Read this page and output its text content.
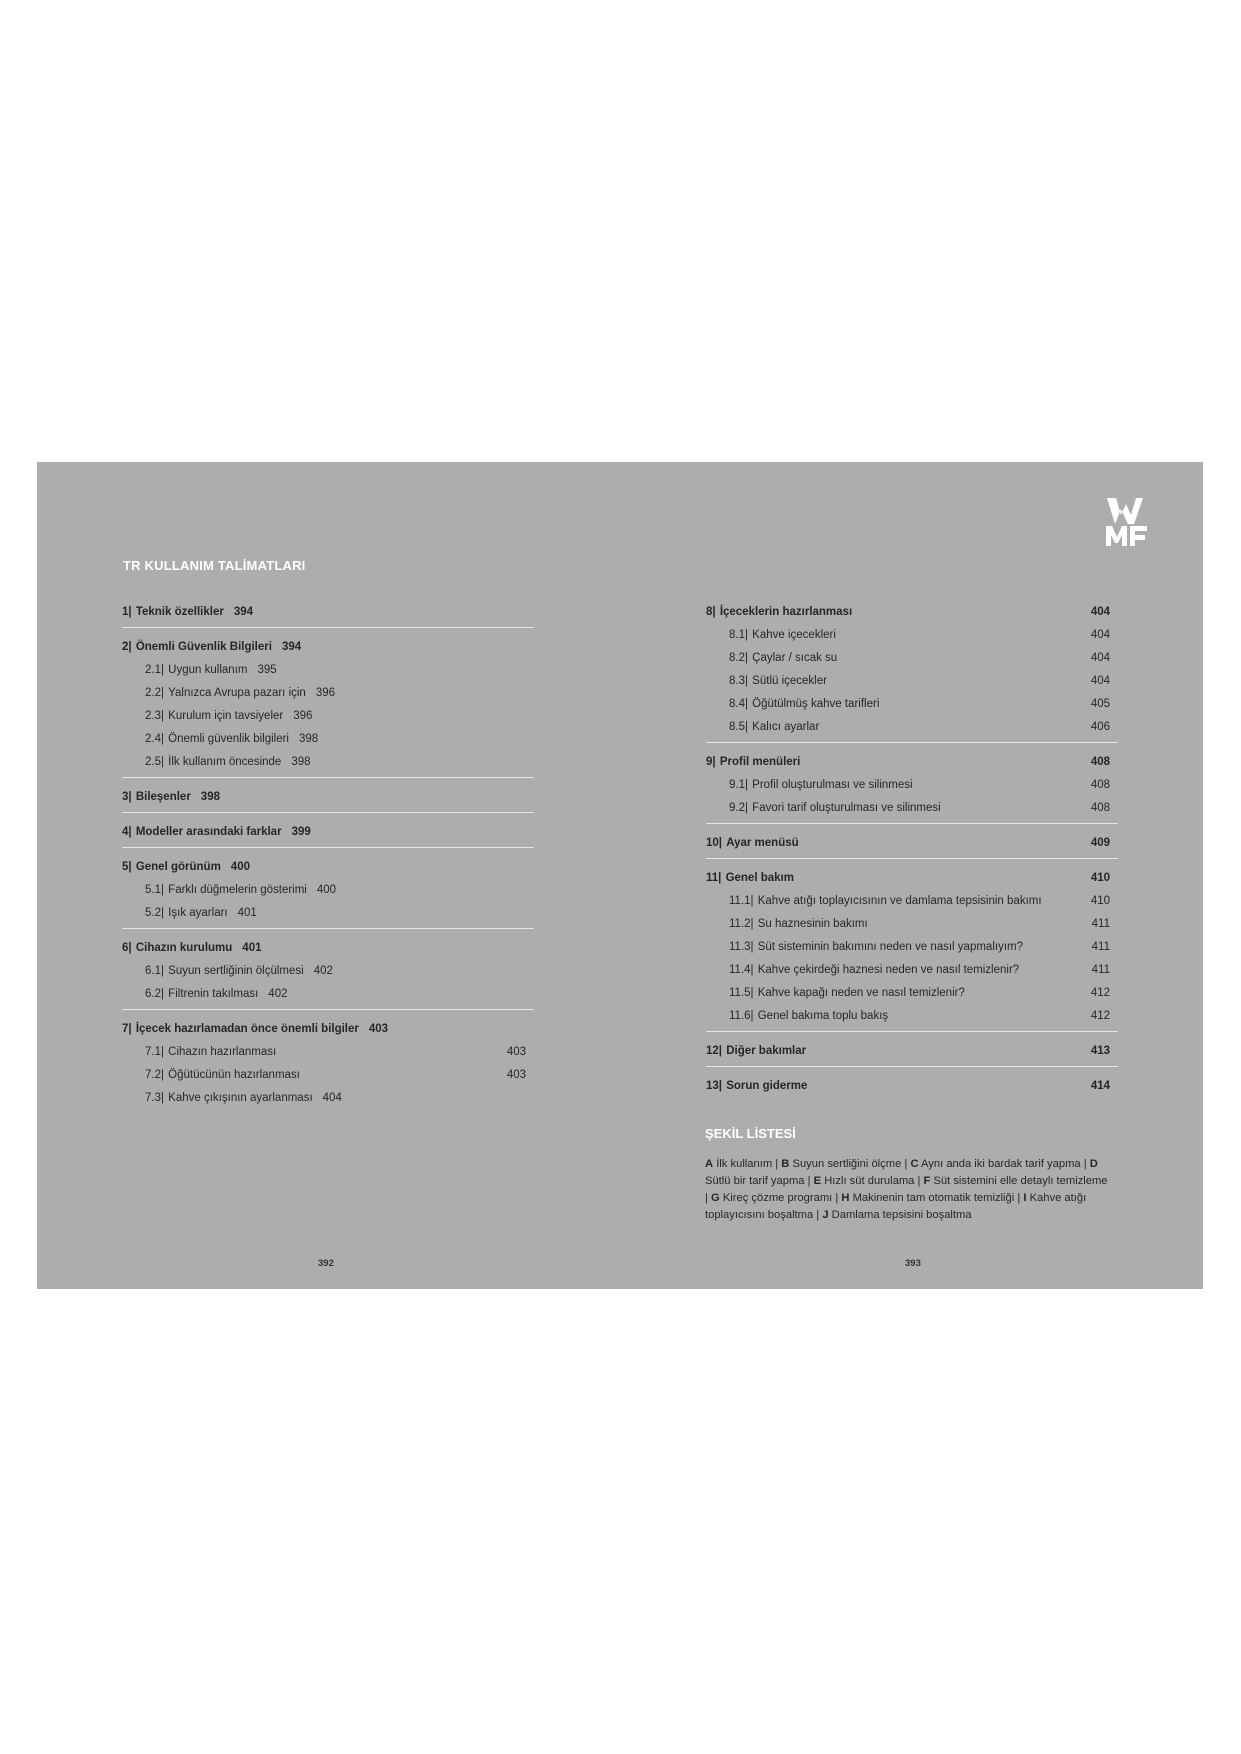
TR KULLANIM TALİMATLARI
1| Teknik özellikler 394
2| Önemli Güvenlik Bilgileri 394
2.1| Uygun kullanım 395
2.2| Yalnızca Avrupa pazarı için 396
2.3| Kurulum için tavsiyeler 396
2.4| Önemli güvenlik bilgileri 398
2.5| İlk kullanım öncesinde 398
3| Bileşenler 398
4| Modeller arasındaki farklar 399
5| Genel görünüm 400
5.1| Farklı düğmelerin gösterimi 400
5.2| Işık ayarları 401
6| Cihazın kurulumu 401
6.1| Suyun sertliğinin ölçülmesi 402
6.2| Filtrenin takılması 402
7| İçecek hazırlamadan önce önemli bilgiler 403
7.1| Cihazın hazırlanması	403
7.2| Öğütücünün hazırlanması	403
7.3| Kahve çıkışının ayarlanması 404
8| İçeceklerin hazırlanması	404
8.1| Kahve içecekleri	404
8.2| Çaylar / sıcak su	404
8.3| Sütlü içecekler	404
8.4| Öğütülmüş kahve tarifleri	405
8.5| Kalıcı ayarlar	406
9| Profil menüleri	408
9.1| Profil oluşturulması ve silinmesi	408
9.2| Favori tarif oluşturulması ve silinmesi	408
10| Ayar menüsü	409
11| Genel bakım	410
11.1| Kahve atığı toplayıcısının ve damlama tepsisinin bakımı	410
11.2| Su haznesinin bakımı	411
11.3| Süt sisteminin bakımını neden ve nasıl yapmalıyım?	411
11.4| Kahve çekirdeği haznesi neden ve nasıl temizlenir?	411
11.5| Kahve kapağı neden ve nasıl temizlenir?	412
11.6| Genel bakıma toplu bakış	412
12| Diğer bakımlar	413
13| Sorun giderme	414
ŞEKİL LİSTESİ
A İlk kullanım | B Suyun sertliğini ölçme | C Aynı anda iki bardak tarif yapma | D Sütlü bir tarif yapma | E Hızlı süt durulama | F Süt sistemini elle detaylı temizleme | G Kireç çözme programı | H Makinenin tam otomatik temizliği | I Kahve atığı toplayıcısını boşaltma | J Damlama tepsisini boşaltma
392	393
